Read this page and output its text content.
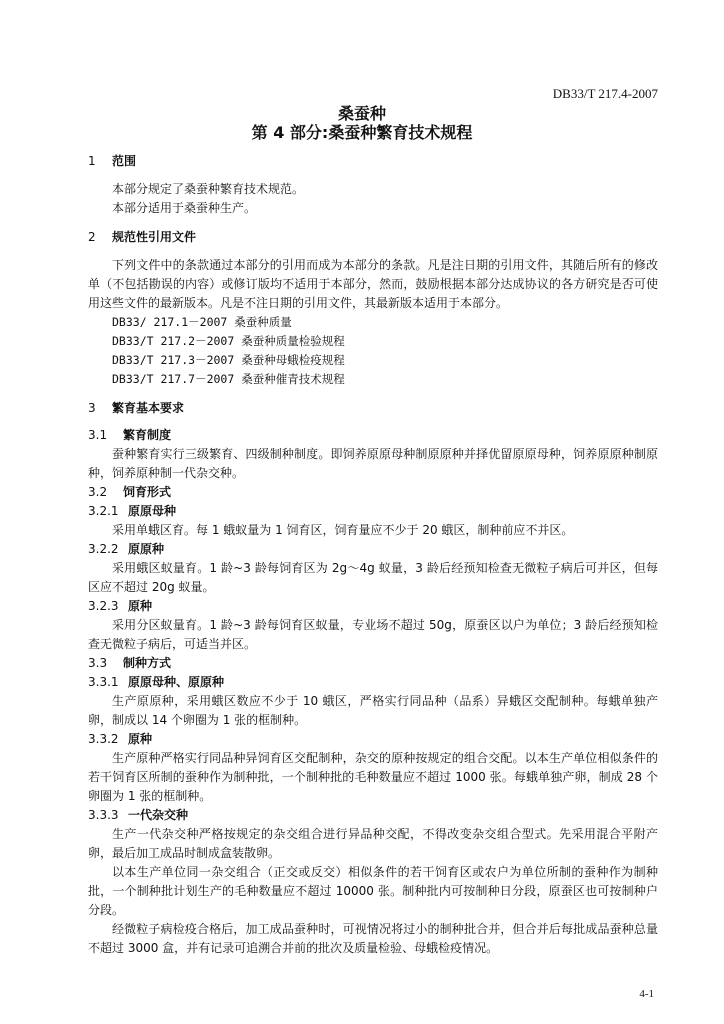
DB33/T 217.4-2007
桑蚕种
第 4 部分:桑蚕种繁育技术规程
1 范围
本部分规定了桑蚕种繁育技术规范。
本部分适用于桑蚕种生产。
2 规范性引用文件
下列文件中的条款通过本部分的引用而成为本部分的条款。凡是注日期的引用文件，其随后所有的修改单（不包括勘误的内容）或修订版均不适用于本部分，然而，鼓励根据本部分达成协议的各方研究是否可使用这些文件的最新版本。凡是不注日期的引用文件，其最新版本适用于本部分。
DB33/ 217.1－2007 桑蚕种质量
DB33/T 217.2－2007 桑蚕种质量检验规程
DB33/T 217.3－2007 桑蚕种母蛾检疫规程
DB33/T 217.7－2007 桑蚕种催青技术规程
3 繁育基本要求
3.1 繁育制度
蚕种繁育实行三级繁育、四级制种制度。即饲养原原母种制原原种并择优留原原母种，饲养原原种制原种，饲养原种制一代杂交种。
3.2 饲育形式
3.2.1 原原母种
采用单蛾区育。每 1 蛾蚁量为 1 饲育区，饲育量应不少于 20 蛾区，制种前应不并区。
3.2.2 原原种
采用蛾区蚁量育。1 龄~3 龄每饲育区为 2g～4g 蚁量，3 龄后经预知检查无微粒子病后可并区，但每区应不超过 20g 蚁量。
3.2.3 原种
采用分区蚁量育。1 龄~3 龄每饲育区蚁量，专业场不超过 50g，原蚕区以户为单位；3 龄后经预知检查无微粒子病后，可适当并区。
3.3 制种方式
3.3.1 原原母种、原原种
生产原原种，采用蛾区数应不少于 10 蛾区，严格实行同品种（品系）异蛾区交配制种。每蛾单独产卵，制成以 14 个卵圈为 1 张的框制种。
3.3.2 原种
生产原种严格实行同品种异饲育区交配制种，杂交的原种按规定的组合交配。以本生产单位相似条件的若干饲育区所制的蚕种作为制种批，一个制种批的毛种数量应不超过 1000 张。每蛾单独产卵，制成 28 个卵圈为 1 张的框制种。
3.3.3 一代杂交种
生产一代杂交种严格按规定的杂交组合进行异品种交配，不得改变杂交组合型式。先采用混合平附产卵，最后加工成品时制成盒装散卵。
以本生产单位同一杂交组合（正交或反交）相似条件的若干饲育区或农户为单位所制的蚕种作为制种批，一个制种批计划生产的毛种数量应不超过 10000 张。制种批内可按制种日分段，原蚕区也可按制种户分段。
经微粒子病检疫合格后，加工成品蚕种时，可视情况将过小的制种批合并，但合并后每批成品蚕种总量不超过 3000 盒，并有记录可追溯合并前的批次及质量检验、母蛾检疫情况。
4-1
